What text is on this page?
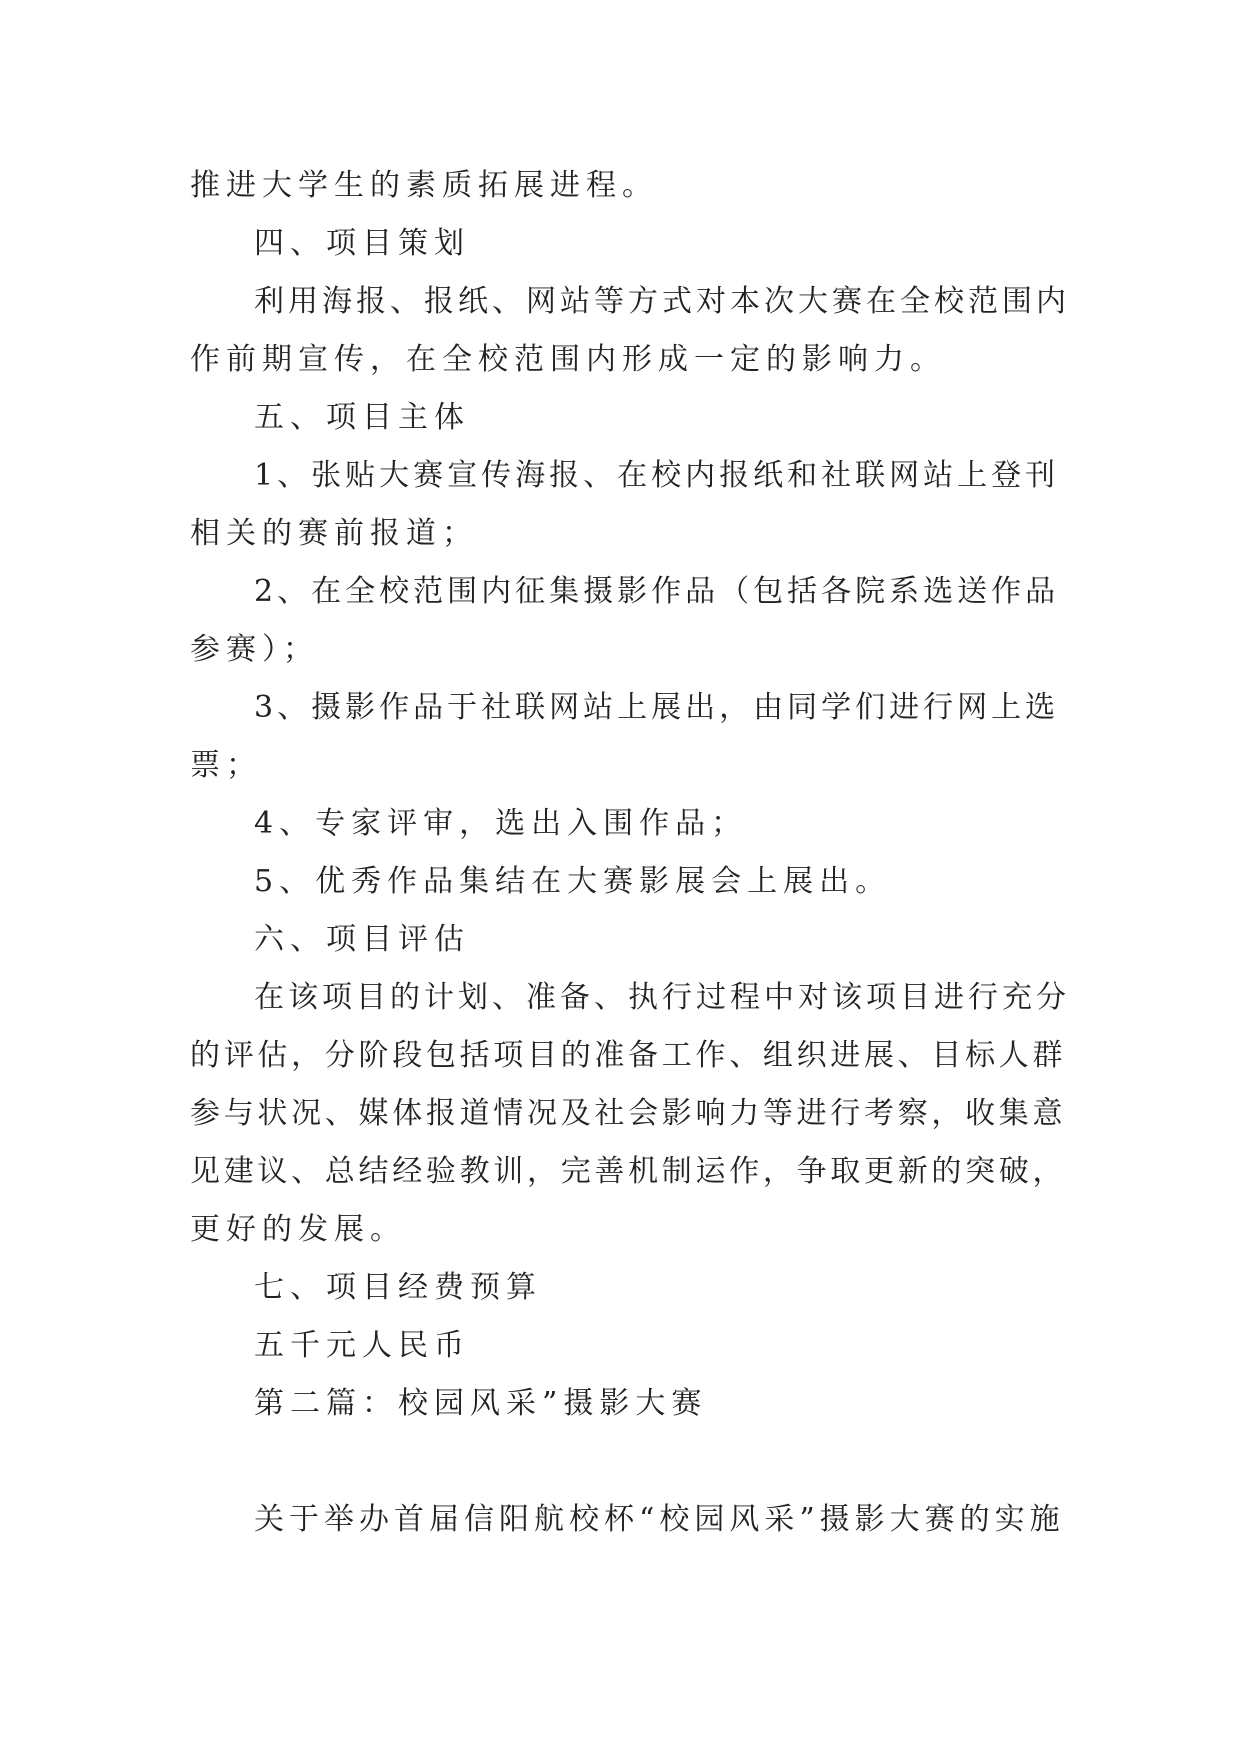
推进大学生的素质拓展进程。
四、项目策划
利用海报、报纸、网站等方式对本次大赛在全校范围内
作前期宣传，在全校范围内形成一定的影响力。
五、项目主体
1、张贴大赛宣传海报、在校内报纸和社联网站上登刊
相关的赛前报道；
2、在全校范围内征集摄影作品（包括各院系选送作品
参赛）；
3、摄影作品于社联网站上展出，由同学们进行网上选
票；
4、专家评审，选出入围作品；
5、优秀作品集结在大赛影展会上展出。
六、项目评估
在该项目的计划、准备、执行过程中对该项目进行充分
的评估，分阶段包括项目的准备工作、组织进展、目标人群
参与状况、媒体报道情况及社会影响力等进行考察，收集意
见建议、总结经验教训，完善机制运作，争取更新的突破，
更好的发展。
七、项目经费预算
五千元人民币
第二篇：校园风采”摄影大赛
关于举办首届信阳航校杯“校园风采”摄影大赛的实施
